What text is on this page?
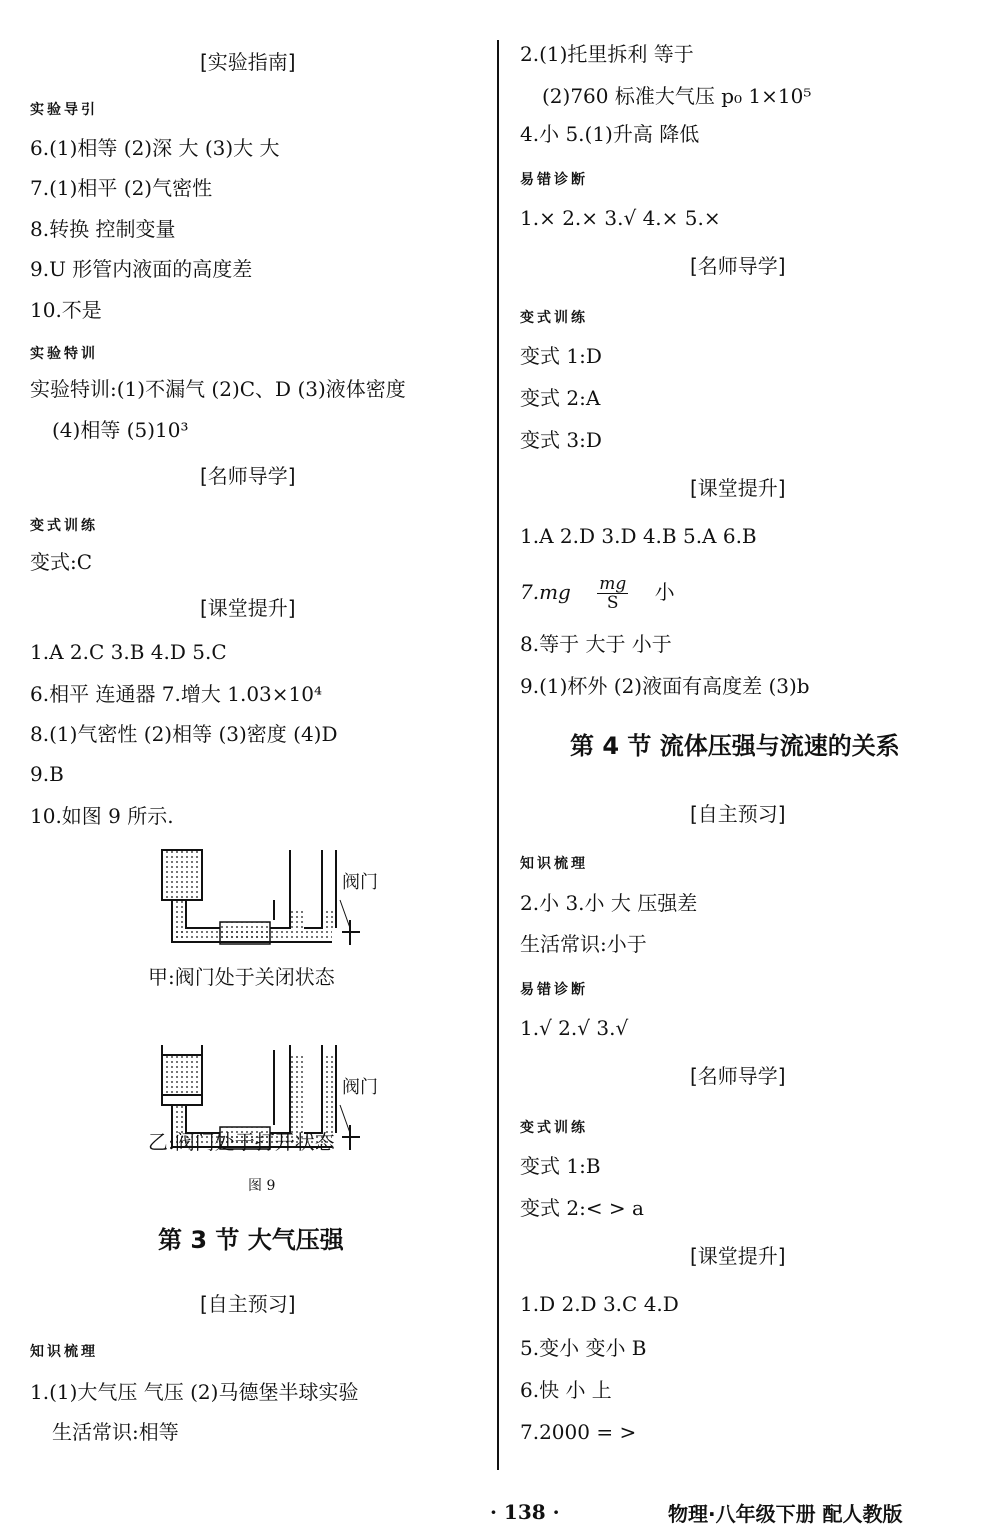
[实验指南]
实验导引
6.(1)相等 (2)深 大 (3)大 大
7.(1)相平 (2)气密性
8.转换 控制变量
9.U 形管内液面的高度差
10.不是
实验特训
实验特训:(1)不漏气 (2)C、D (3)液体密度
(4)相等 (5)10³
[名师导学]
变式训练
变式:C
[课堂提升]
1.A 2.C 3.B 4.D 5.C
6.相平 连通器 7.增大 1.03×10⁴
8.(1)气密性 (2)相等 (3)密度 (4)D
9.B
10.如图 9 所示.
阀门
阀门
甲:阀门处于关闭状态
乙:阀门处于打开状态
图 9
第 3 节 大气压强
[自主预习]
知识梳理
1.(1)大气压 气压 (2)马德堡半球实验
生活常识:相等
2.(1)托里拆利 等于
(2)760 标准大气压 p₀ 1×10⁵
4.小 5.(1)升高 降低
易错诊断
1.× 2.× 3.√ 4.× 5.×
[名师导学]
变式训练
变式 1:D
变式 2:A
变式 3:D
[课堂提升]
1.A 2.D 3.D 4.B 5.A 6.B
$7.mg \frac{mg}{S}$ 小
8.等于 大于 小于
9.(1)杯外 (2)液面有高度差 (3)b
第 4 节 流体压强与流速的关系
[自主预习]
知识梳理
2.小 3.小 大 压强差
生活常识:小于
易错诊断
1.√ 2.√ 3.√
[名师导学]
变式训练
变式 1:B
变式 2:< > a
[课堂提升]
1.D 2.D 3.C 4.D
5.变小 变小 B
6.快 小 上
7.2000 = >
· 138 ·	物理·八年级下册 配人教版
